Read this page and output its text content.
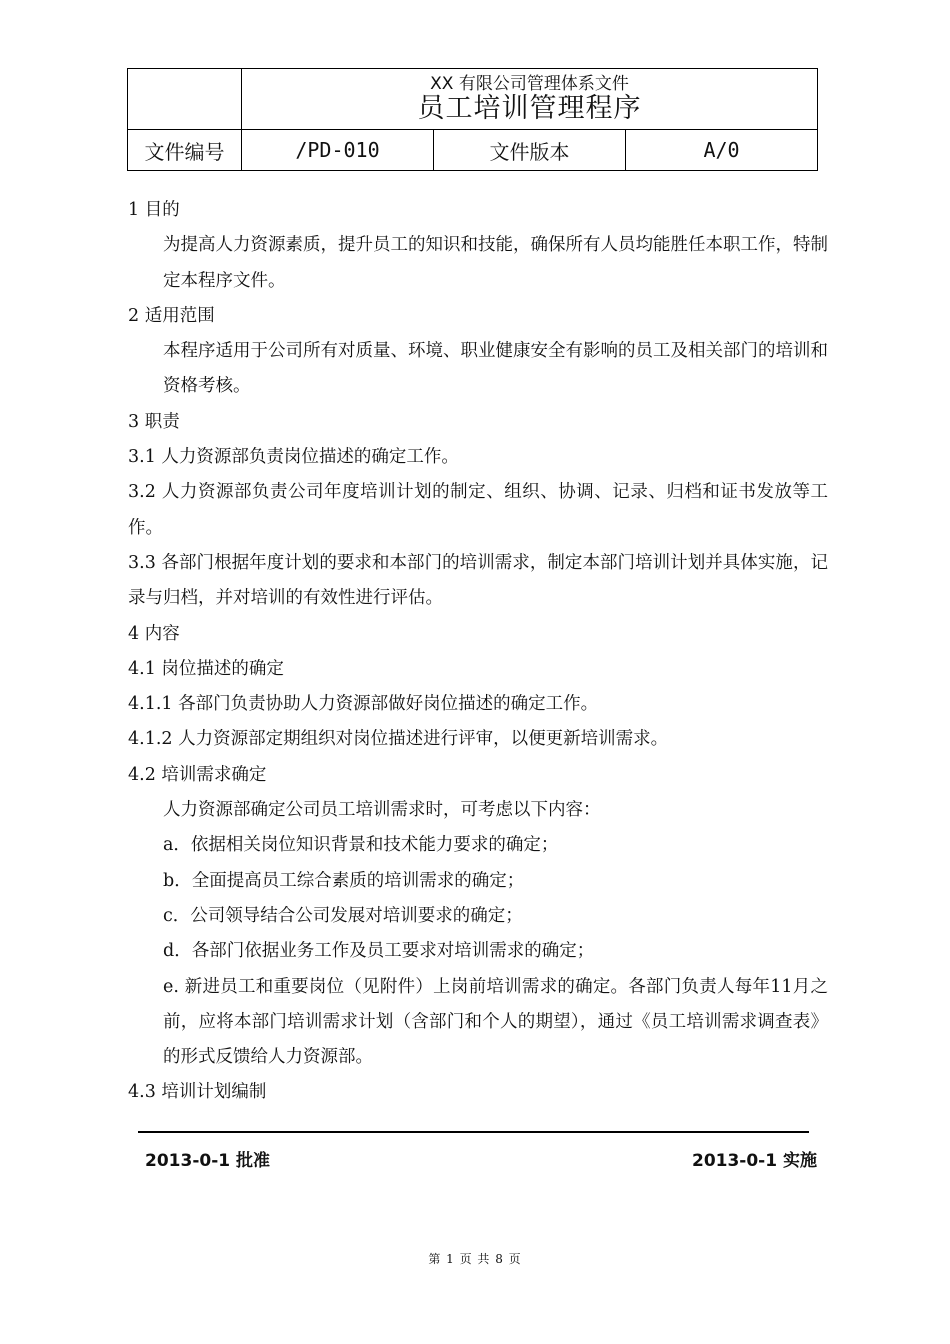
	XX 有限公司管理体系文件
员工培训管理程序		

文件编号	/PD-010	文件版本	A/0

1 目的

为提高人力资源素质，提升员工的知识和技能，确保所有人员均能胜任本职工作，特制定本程序文件。

2 适用范围

本程序适用于公司所有对质量、环境、职业健康安全有影响的员工及相关部门的培训和资格考核。

3 职责

3.1 人力资源部负责岗位描述的确定工作。

3.2 人力资源部负责公司年度培训计划的制定、组织、协调、记录、归档和证书发放等工作。

3.3 各部门根据年度计划的要求和本部门的培训需求，制定本部门培训计划并具体实施，记录与归档，并对培训的有效性进行评估。

4 内容

4.1 岗位描述的确定

4.1.1 各部门负责协助人力资源部做好岗位描述的确定工作。

4.1.2 人力资源部定期组织对岗位描述进行评审，以便更新培训需求。

4.2 培训需求确定

人力资源部确定公司员工培训需求时，可考虑以下内容：

a．依据相关岗位知识背景和技术能力要求的确定；

b．全面提高员工综合素质的培训需求的确定；

c．公司领导结合公司发展对培训要求的确定；

d．各部门依据业务工作及员工要求对培训需求的确定；

e. 新进员工和重要岗位（见附件）上岗前培训需求的确定。各部门负责人每年11月之前，应将本部门培训需求计划（含部门和个人的期望），通过《员工培训需求调查表》的形式反馈给人力资源部。

4.3 培训计划编制

2013-0-1 批准	2013-0-1 实施
第 1 页 共 8 页
